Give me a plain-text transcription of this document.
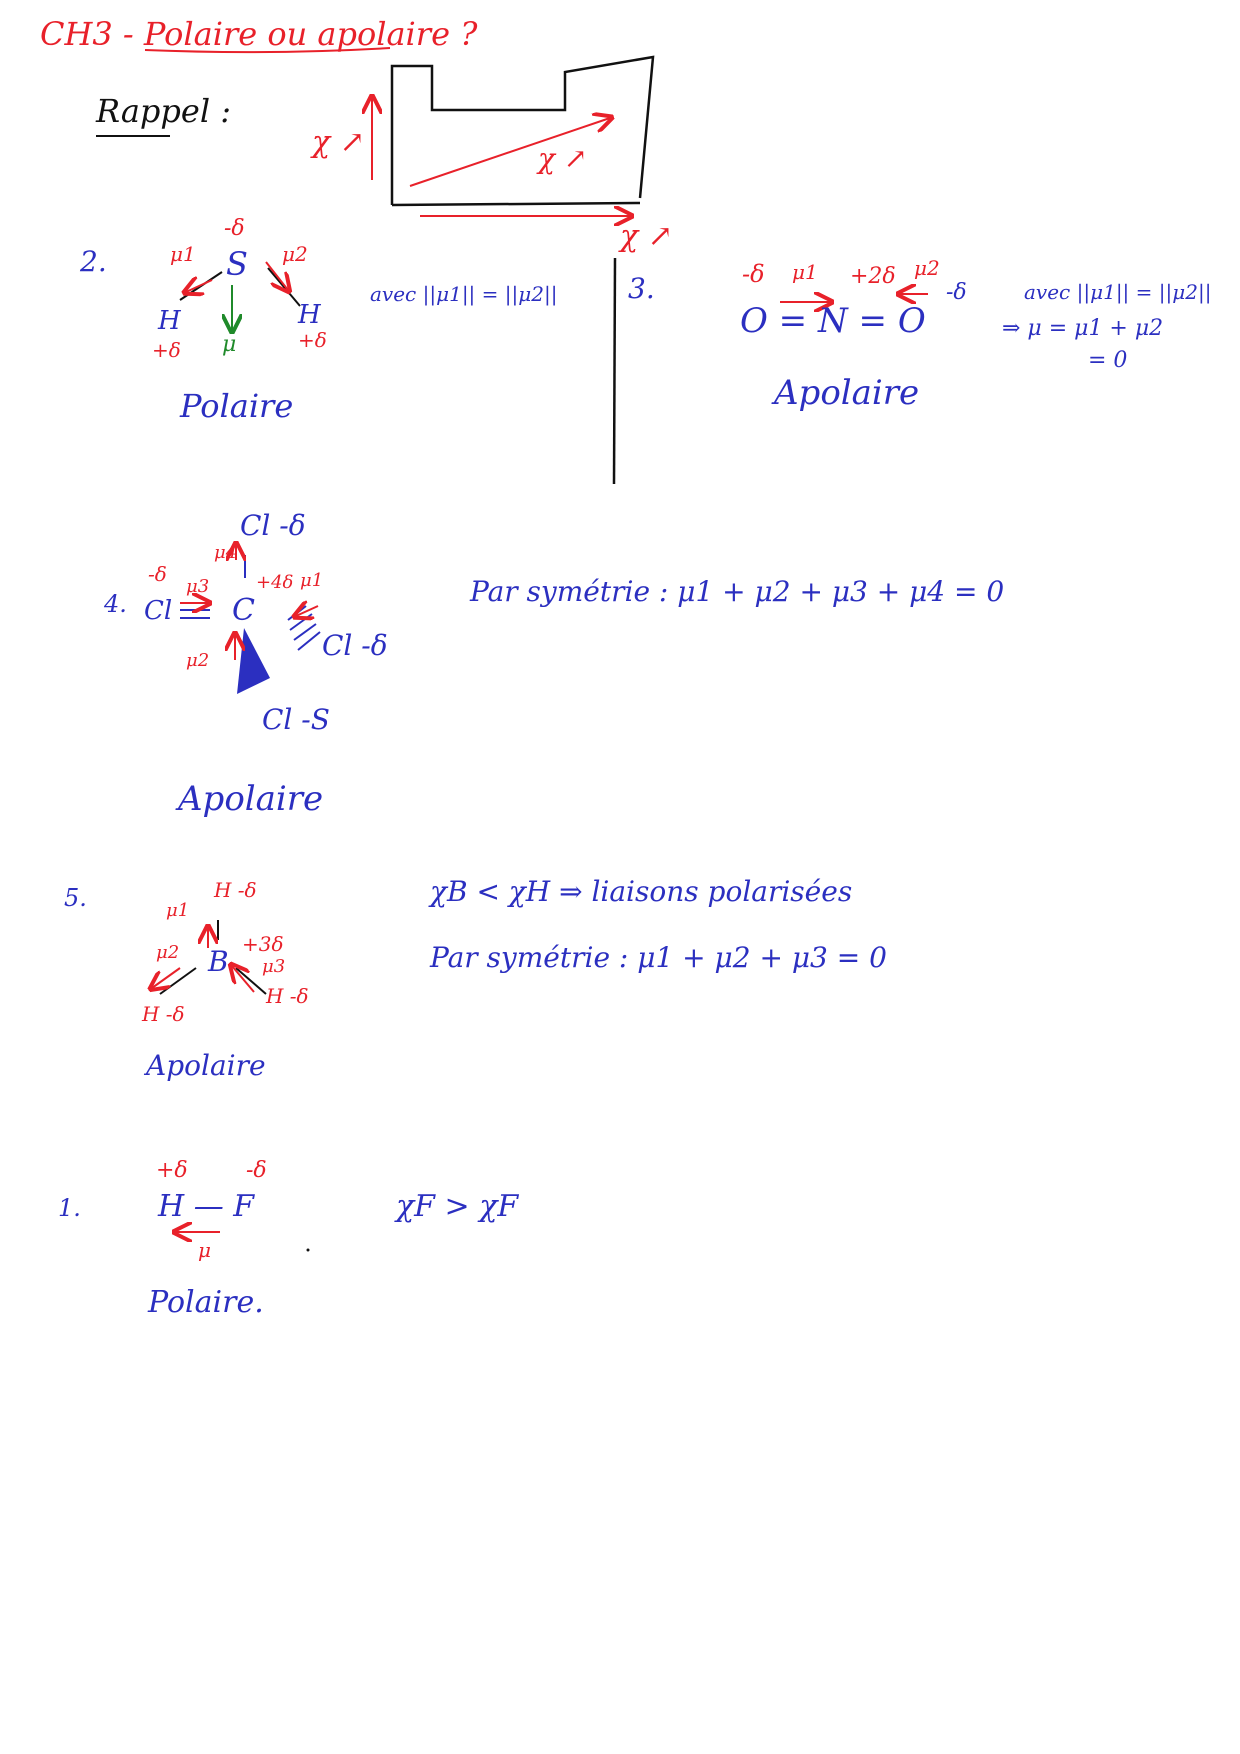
CH3 - Polaire ou apolaire ?
Rappel :
χ ↗	χ ↗
χ ↗
2.
-δ
S
μ1	μ2
μ
H	H
+δ	+δ
avec ||μ1|| = ||μ2||
Polaire
3.	-δ μ1 +2δ μ2
-δ
O = N = O
avec ||μ1|| = ||μ2||
⇒ μ = μ1 + μ2
= 0
Apolaire
4.
Cl -δ
Cl
-δ
C
+4δ μ1
μ2
μ3
μ4
Cl -δ
Cl -S
Par symétrie : μ1 + μ2 + μ3 + μ4 = 0
Apolaire
5.	μ1
H -δ
μ2 B
+3δ
μ3
H -δ
H -δ
χB < χH ⇒ liaisons polarisées
Par symétrie : μ1 + μ2 + μ3 = 0
Apolaire
1.
+δ	-δ
H — F
μ
χF > χF
Polaire.
